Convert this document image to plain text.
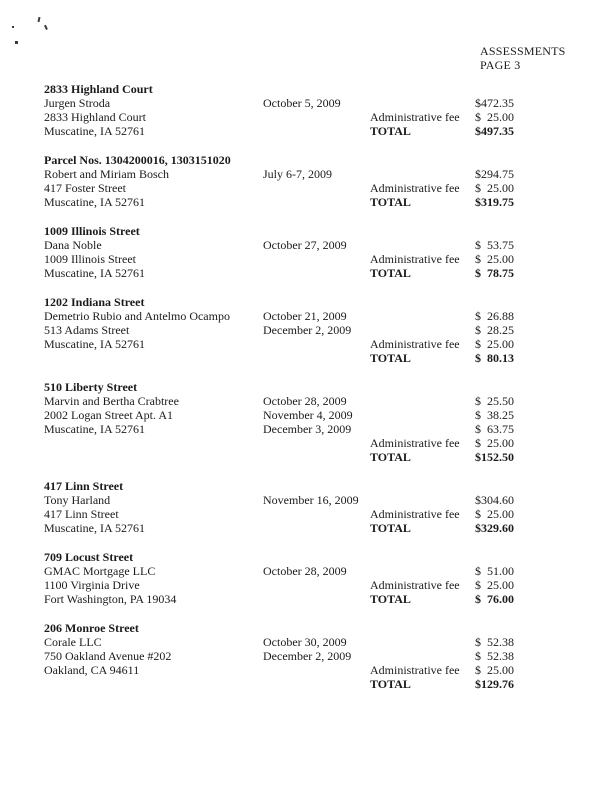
ASSESSMENTS
PAGE 3
2833 Highland Court
Jurgen Stroda	October 5, 2009	$472.35
2833 Highland Court	Administrative fee	$  25.00
Muscatine, IA 52761	TOTAL	$497.35
Parcel Nos. 1304200016, 1303151020
Robert and Miriam Bosch	July 6-7, 2009	$294.75
417 Foster Street	Administrative fee	$  25.00
Muscatine, IA 52761	TOTAL	$319.75
1009 Illinois Street
Dana Noble	October 27, 2009	$  53.75
1009 Illinois Street	Administrative fee	$  25.00
Muscatine, IA 52761	TOTAL	$  78.75
1202 Indiana Street
Demetrio Rubio and Antelmo Ocampo	October 21, 2009	$  26.88
513 Adams Street	December 2, 2009	$  28.25
Muscatine, IA 52761	Administrative fee	$  25.00
TOTAL	$  80.13
510 Liberty Street
Marvin and Bertha Crabtree	October 28, 2009	$  25.50
2002 Logan Street Apt. A1	November 4, 2009	$  38.25
Muscatine, IA 52761	December 3, 2009	$  63.75
Administrative fee	$  25.00
TOTAL	$152.50
417 Linn Street
Tony Harland	November 16, 2009	$304.60
417 Linn Street	Administrative fee	$  25.00
Muscatine, IA 52761	TOTAL	$329.60
709 Locust Street
GMAC Mortgage LLC	October 28, 2009	$  51.00
1100 Virginia Drive	Administrative fee	$  25.00
Fort Washington, PA 19034	TOTAL	$  76.00
206 Monroe Street
Corale LLC	October 30, 2009	$  52.38
750 Oakland Avenue #202	December 2, 2009	$  52.38
Oakland, CA 94611	Administrative fee	$  25.00
TOTAL	$129.76
